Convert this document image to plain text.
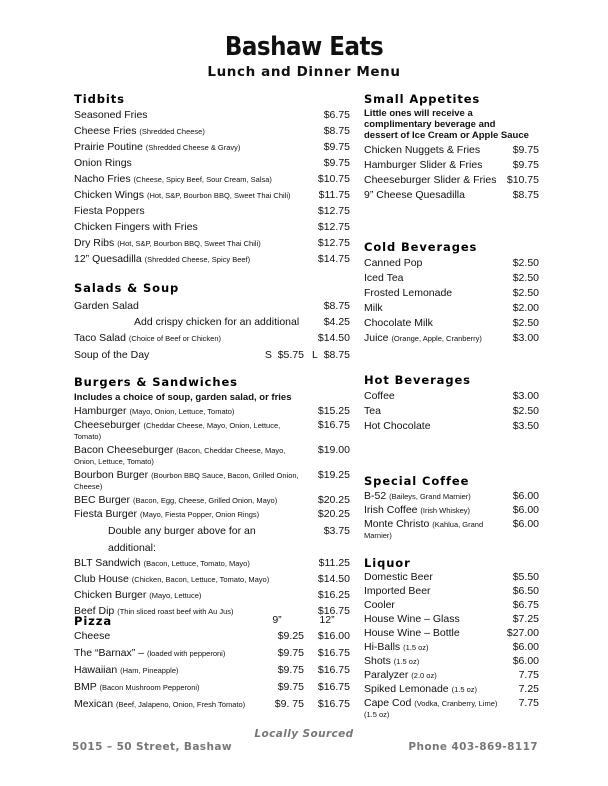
Bashaw Eats
Lunch and Dinner Menu
Tidbits
Seasoned Fries	$6.75
Cheese Fries (Shredded Cheese)	$8.75
Prairie Poutine (Shredded Cheese & Gravy)	$9.75
Onion Rings	$9.75
Nacho Fries (Cheese, Spicy Beef, Sour Cream, Salsa)	$10.75
Chicken Wings (Hot, S&P, Bourbon BBQ, Sweet Thai Chili)	$11.75
Fiesta Poppers	$12.75
Chicken Fingers with Fries	$12.75
Dry Ribs (Hot, S&P, Bourbon BBQ, Sweet Thai Chili)	$12.75
12” Quesadilla (Shredded Cheese, Spicy Beef)	$14.75
Salads & Soup
Garden Salad	$8.75
Add crispy chicken for an additional	$4.25
Taco Salad (Choice of Beef or Chicken)	$14.50
Soup of the Day	S $5.75 L $8.75
Burgers & Sandwiches
Includes a choice of soup, garden salad, or fries
Hamburger (Mayo, Onion, Lettuce, Tomato)	$15.25
Cheeseburger (Cheddar Cheese, Mayo, Onion, Lettuce, Tomato)
$16.75
Bacon Cheeseburger (Bacon, Cheddar Cheese, Mayo, Onion, Lettuce, Tomato)
$19.00
Bourbon Burger (Bourbon BBQ Sauce, Bacon, Grilled Onion, Cheese)
$19.25
BEC Burger (Bacon, Egg, Cheese, Grilled Onion, Mayo)	$20.25
Fiesta Burger (Mayo, Fiesta Popper, Onion Rings)	$20.25
Double any burger above for an additional:
$3.75
BLT Sandwich (Bacon, Lettuce, Tomato, Mayo)	$11.25
Club House (Chicken, Bacon, Lettuce, Tomato, Mayo)	$14.50
Chicken Burger (Mayo, Lettuce)	$16.25
Beef Dip (Thin sliced roast beef with Au Jus)	$16.75
Pizza	9”	12”
Cheese	$9.25	$16.00
The “Barnax” – (loaded with pepperoni)	$9.75	$16.75
Hawaiian (Ham, Pineapple)	$9.75	$16.75
BMP (Bacon Mushroom Pepperoni)	$9.75	$16.75
Mexican (Beef, Jalapeno, Onion, Fresh Tomato)	$9. 75	$16.75
Small Appetites
Little ones will receive a complimentary beverage and dessert of Ice Cream or Apple Sauce
Chicken Nuggets & Fries	$9.75
Hamburger Slider & Fries	$9.75
Cheeseburger Slider & Fries $10.75
9” Cheese Quesadilla	$8.75
Cold Beverages
Canned Pop	$2.50
Iced Tea	$2.50
Frosted Lemonade	$2.50
Milk	$2.00
Chocolate Milk	$2.50
Juice (Orange, Apple, Cranberry)	$3.00
Hot Beverages
Coffee	$3.00
Tea	$2.50
Hot Chocolate	$3.50
Special Coffee
B-52 (Baileys, Grand Marnier)	$6.00
Irish Coffee (Irish Whiskey)	$6.00
Monte Christo (Kahlua, Grand Marnier)
$6.00
Liquor
Domestic Beer	$5.50
Imported Beer	$6.50
Cooler	$6.75
House Wine – Glass	$7.25
House Wine – Bottle	$27.00
Hi-Balls (1.5 oz)	$6.00
Shots (1.5 oz)	$6.00
Paralyzer (2.0 oz)	7.75
Spiked Lemonade (1.5 oz)	7.25
Cape Cod (Vodka, Cranberry, Lime) (1.5 oz)
7.75
Locally Sourced
5015 – 50 Street, Bashaw	Phone 403-869-8117
